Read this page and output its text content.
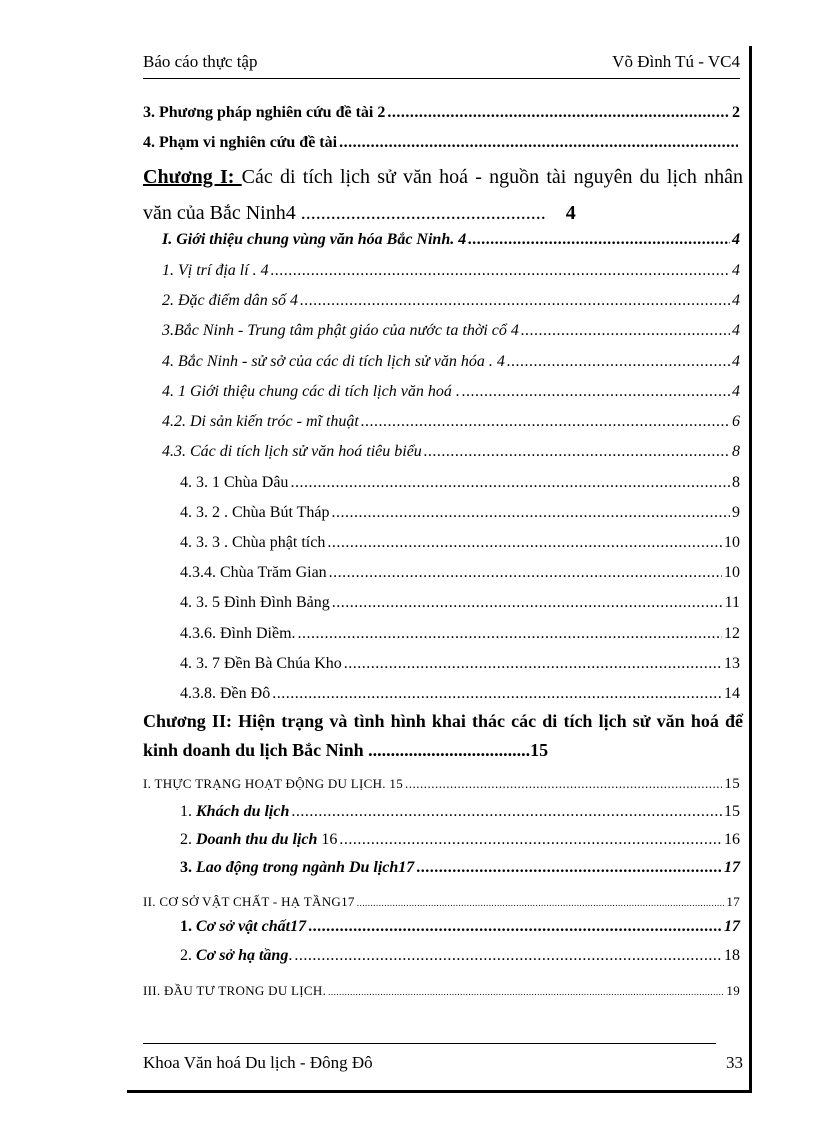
Báo cáo thực tập	Võ Đình Tú - VC4
3. Phương pháp nghiên cứu đề tài 2 .....	2
4. Phạm vi nghiên cứu đề tài
.....
Chương I: Các di tích lịch sử văn hoá - nguồn tài nguyên du lịch nhân văn của Bắc Ninh4 .................................................    4
I. Giới thiệu chung vùng văn hóa Bắc Ninh. 4 .....	4
1. Vị trí địa lí . 4 .....	4
2. Đặc điểm dân số 4 .....	4
3.Bắc Ninh - Trung tâm phật giáo của nước ta thời cổ 4 .....	4
4. Bắc Ninh - sử sở của các di tích lịch sử văn hóa . 4 .....	4
4. 1 Giới thiệu chung các di tích lịch văn hoá . .....	4
4.2. Di sản kiến tróc - mĩ thuật .....	6
4.3. Các di tích lịch sử văn hoá tiêu biểu .....	8
4. 3. 1 Chùa Dâu .....	8
4. 3. 2 . Chùa Bút Tháp .....	9
4. 3. 3 . Chùa phật tích .....	10
4.3.4. Chùa Trăm Gian .....	10
4. 3. 5 Đình Đình Bảng .....	11
4.3.6. Đình Diềm. .....	12
4. 3. 7 Đền Bà Chúa Kho .....	13
4.3.8. Đền Đô .....	14
Chương II: Hiện trạng và tình hình khai thác các di tích lịch sử văn hoá để kinh doanh du lịch Bắc Ninh ....................................15
I. THỰC TRẠNG HOẠT ĐỘNG DU LỊCH. 15 .....	15
1. Khách du lịch .....	15
2. Doanh thu du lịch 16 .....	16
3. Lao động trong ngành Du lịch17 .....	17
II. CƠ SỞ VẬT CHẤT - HẠ TẦNG17 .....	17
1. Cơ sở vật chất17 .....	17
2. Cơ sở hạ tầng. .....	18
III. ĐẦU TƯ TRONG DU LỊCH. .....	19
Khoa Văn hoá Du lịch - Đông Đô	33
